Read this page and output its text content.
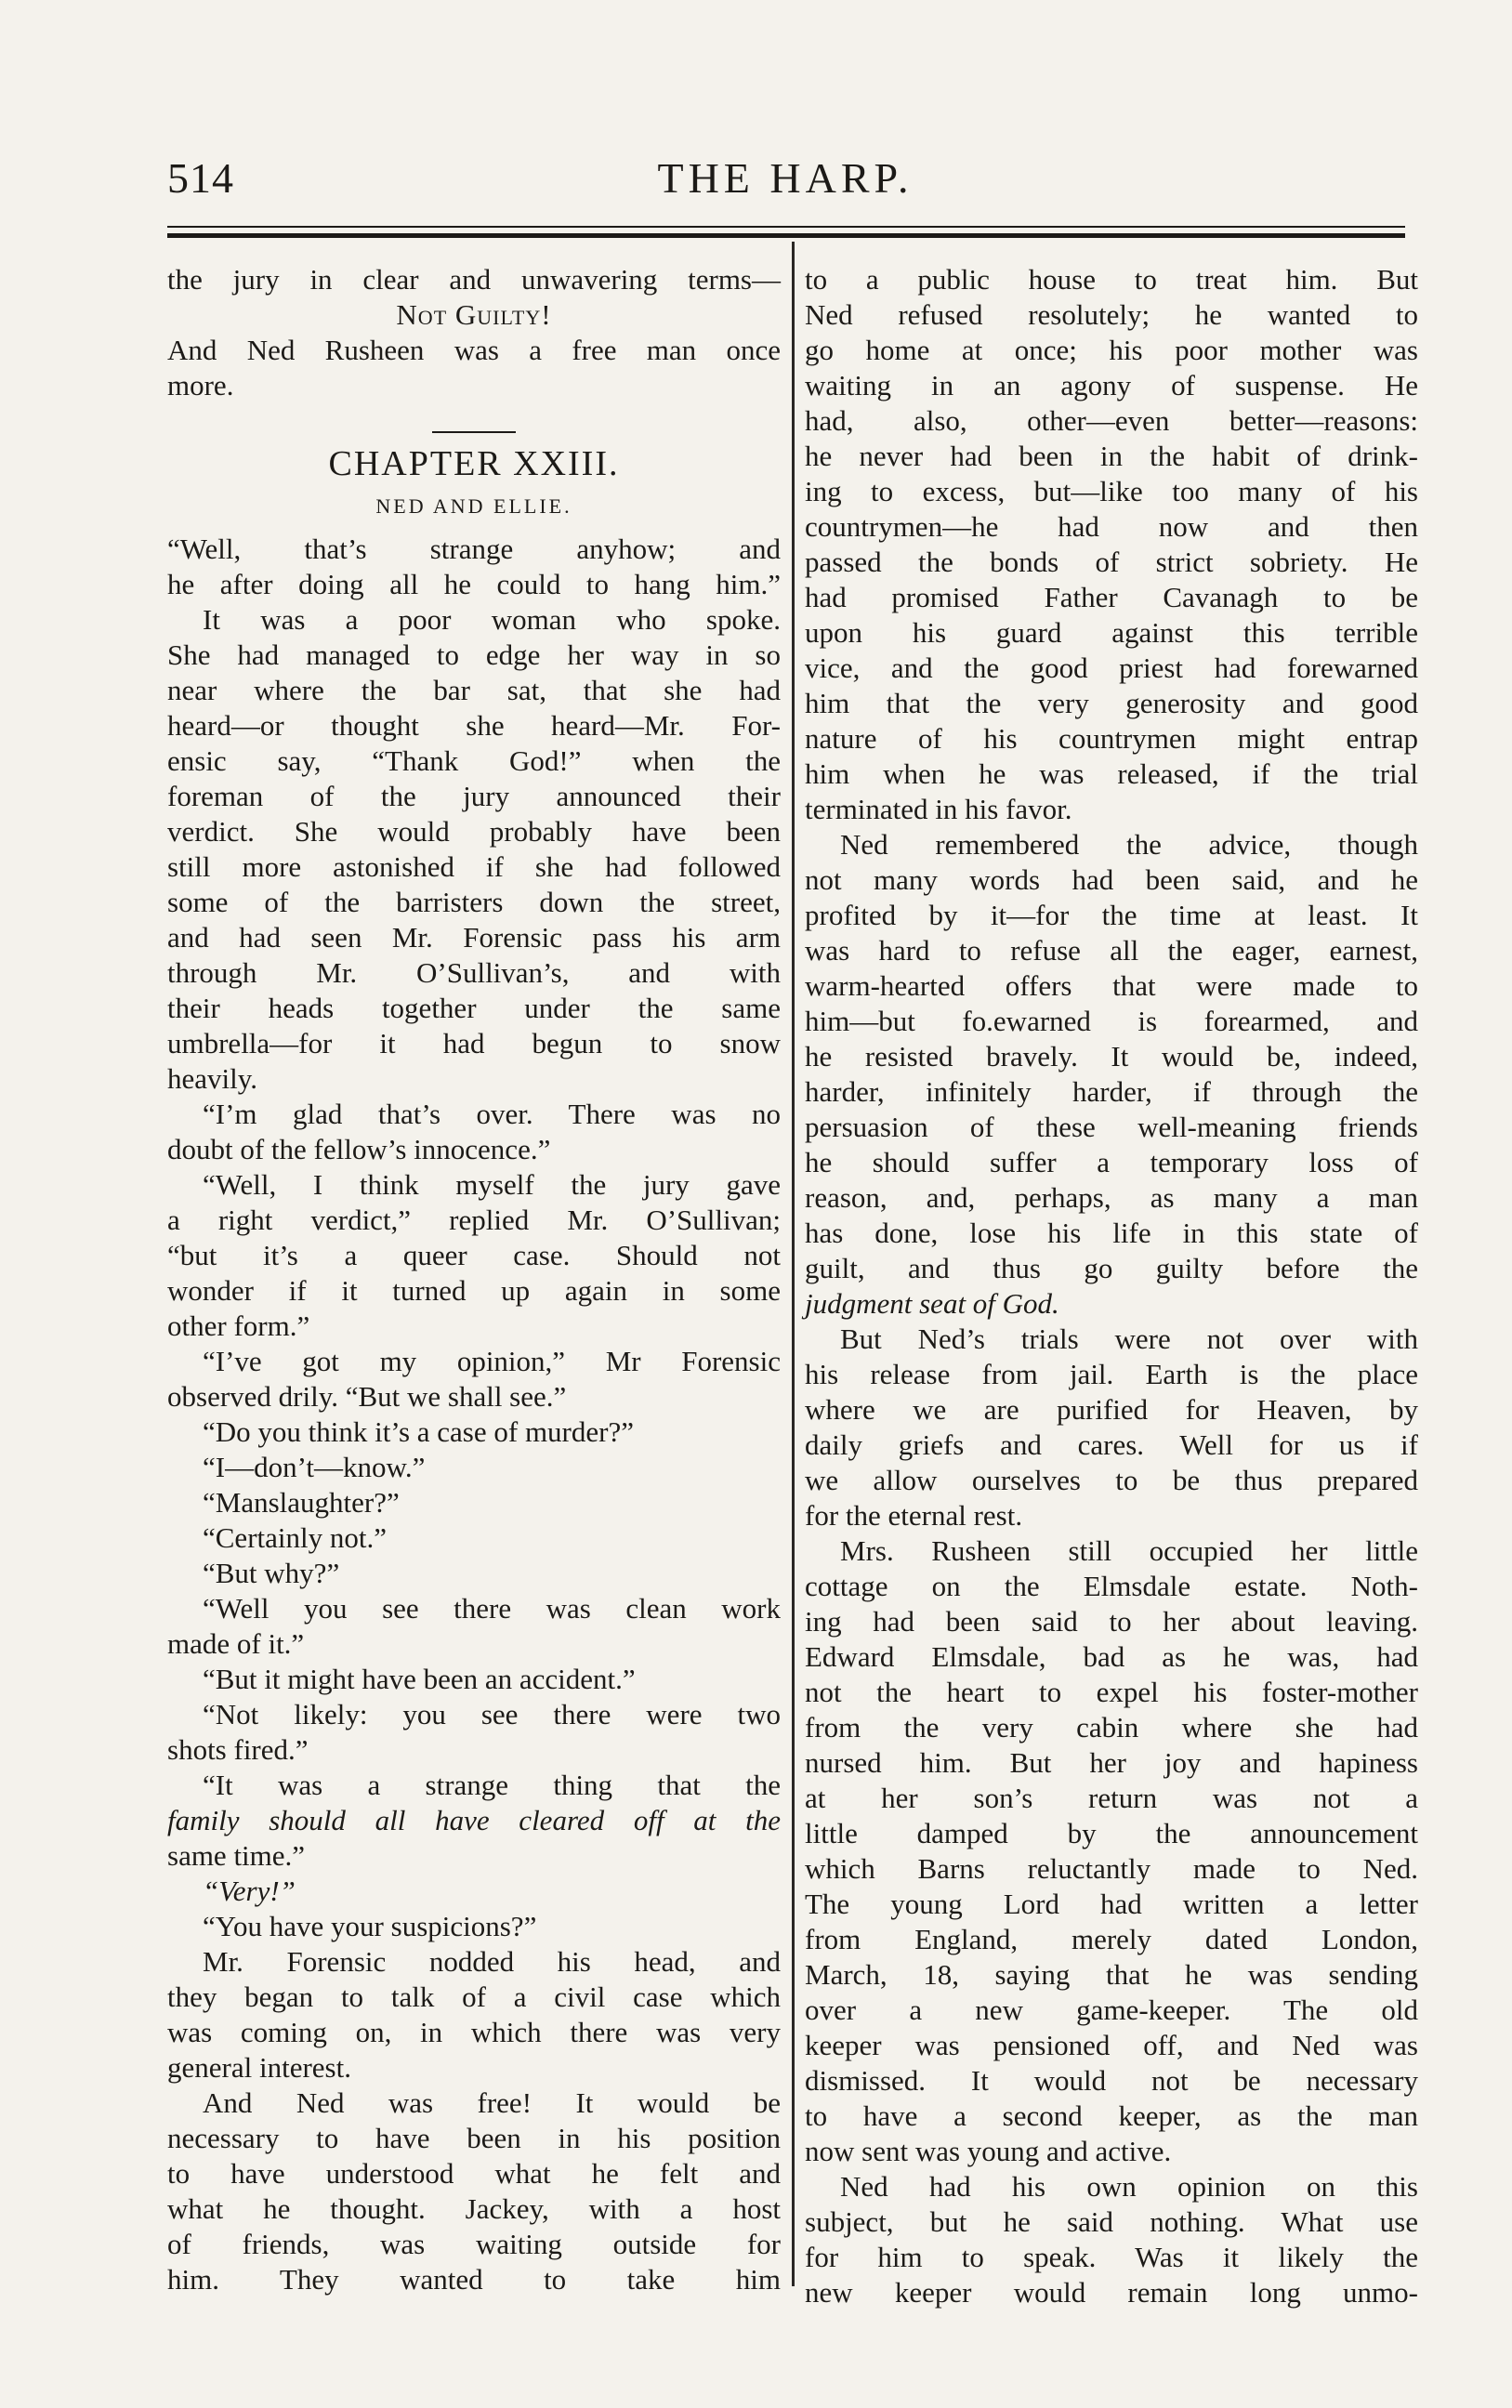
514	THE HARP.
the jury in clear and unwavering terms—
Not Guilty!
And Ned Rusheen was a free man once
more.
CHAPTER XXIII.
NED AND ELLIE.
“Well, that’s strange anyhow; and
he after doing all he could to hang him.”
It was a poor woman who spoke.
She had managed to edge her way in so
near where the bar sat, that she had
heard—or thought she heard—Mr. For-
ensic say, “Thank God!” when the
foreman of the jury announced their
verdict. She would probably have been
still more astonished if she had followed
some of the barristers down the street,
and had seen Mr. Forensic pass his arm
through Mr. O’Sullivan’s, and with
their heads together under the same
umbrella—for it had begun to snow
heavily.
“I’m glad that’s over. There was no
doubt of the fellow’s innocence.”
“Well, I think myself the jury gave
a right verdict,” replied Mr. O’Sullivan;
“but it’s a queer case. Should not
wonder if it turned up again in some
other form.”
“I’ve got my opinion,” Mr Forensic
observed drily. “But we shall see.”
“Do you think it’s a case of murder?”
“I—don’t—know.”
“Manslaughter?”
“Certainly not.”
“But why?”
“Well you see there was clean work
made of it.”
“But it might have been an accident.”
“Not likely: you see there were two
shots fired.”
“It was a strange thing that the
family should all have cleared off at the
same time.”
“Very!”
“You have your suspicions?”
Mr. Forensic nodded his head, and
they began to talk of a civil case which
was coming on, in which there was very
general interest.
And Ned was free! It would be
necessary to have been in his position
to have understood what he felt and
what he thought. Jackey, with a host
of friends, was waiting outside for
him. They wanted to take him
to a public house to treat him. But
Ned refused resolutely; he wanted to
go home at once; his poor mother was
waiting in an agony of suspense. He
had, also, other—even better—reasons:
he never had been in the habit of drink-
ing to excess, but—like too many of his
countrymen—he had now and then
passed the bonds of strict sobriety. He
had promised Father Cavanagh to be
upon his guard against this terrible
vice, and the good priest had forewarned
him that the very generosity and good
nature of his countrymen might entrap
him when he was released, if the trial
terminated in his favor.
Ned remembered the advice, though
not many words had been said, and he
profited by it—for the time at least. It
was hard to refuse all the eager, earnest,
warm-hearted offers that were made to
him—but fo.ewarned is forearmed, and
he resisted bravely. It would be, indeed,
harder, infinitely harder, if through the
persuasion of these well-meaning friends
he should suffer a temporary loss of
reason, and, perhaps, as many a man
has done, lose his life in this state of
guilt, and thus go guilty before the
judgment seat of God.
But Ned’s trials were not over with
his release from jail. Earth is the place
where we are purified for Heaven, by
daily griefs and cares. Well for us if
we allow ourselves to be thus prepared
for the eternal rest.
Mrs. Rusheen still occupied her little
cottage on the Elmsdale estate. Noth-
ing had been said to her about leaving.
Edward Elmsdale, bad as he was, had
not the heart to expel his foster-mother
from the very cabin where she had
nursed him. But her joy and hapiness
at her son’s return was not a
little damped by the announcement
which Barns reluctantly made to Ned.
The young Lord had written a letter
from England, merely dated London,
March, 18, saying that he was sending
over a new game-keeper. The old
keeper was pensioned off, and Ned was
dismissed. It would not be necessary
to have a second keeper, as the man
now sent was young and active.
Ned had his own opinion on this
subject, but he said nothing. What use
for him to speak. Was it likely the
new keeper would remain long unmo-
